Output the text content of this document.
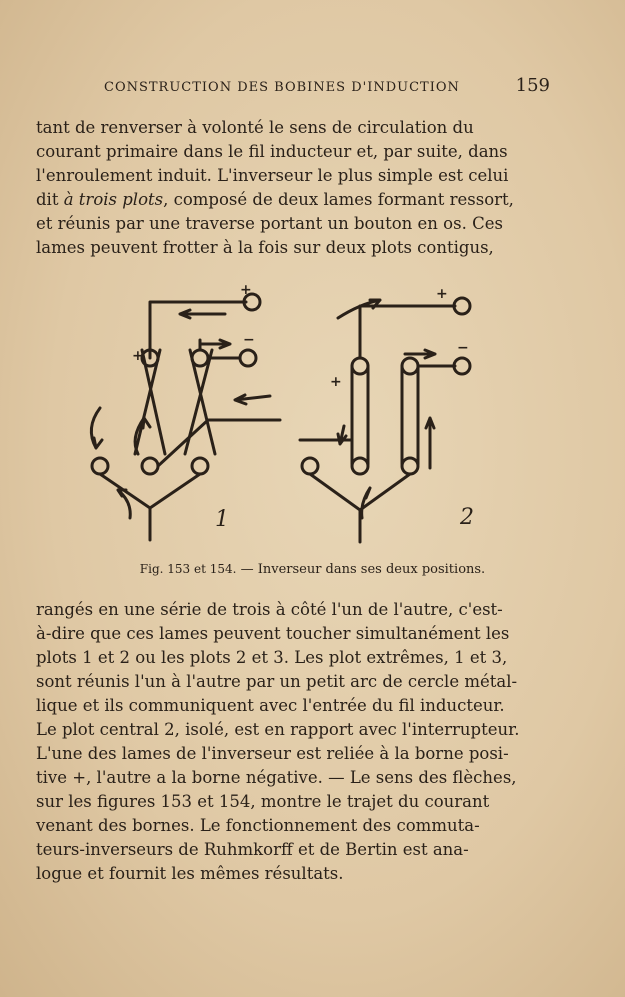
CONSTRUCTION DES BOBINES D'INDUCTION	159
tant de renverser à volonté le sens de circulation du
courant primaire dans le fil inducteur et, par suite, dans
l'enroulement induit. L'inverseur le plus simple est celui
dit à trois plots, composé de deux lames formant ressort,
et réunis par une traverse portant un bouton en os. Ces
lames peuvent frotter à la fois sur deux plots contigus,
+
+
−
+
+
−
1	2
Fig. 153 et 154. — Inverseur dans ses deux positions.
rangés en une série de trois à côté l'un de l'autre, c'est-
à-dire que ces lames peuvent toucher simultanément les
plots 1 et 2 ou les plots 2 et 3. Les plot extrêmes, 1 et 3,
sont réunis l'un à l'autre par un petit arc de cercle métal-
lique et ils communiquent avec l'entrée du fil inducteur.
Le plot central 2, isolé, est en rapport avec l'interrupteur.
L'une des lames de l'inverseur est reliée à la borne posi-
tive +, l'autre a la borne négative. — Le sens des flèches,
sur les figures 153 et 154, montre le trajet du courant
venant des bornes. Le fonctionnement des commuta-
teurs-inverseurs de Ruhmkorff et de Bertin est ana-
logue et fournit les mêmes résultats.
